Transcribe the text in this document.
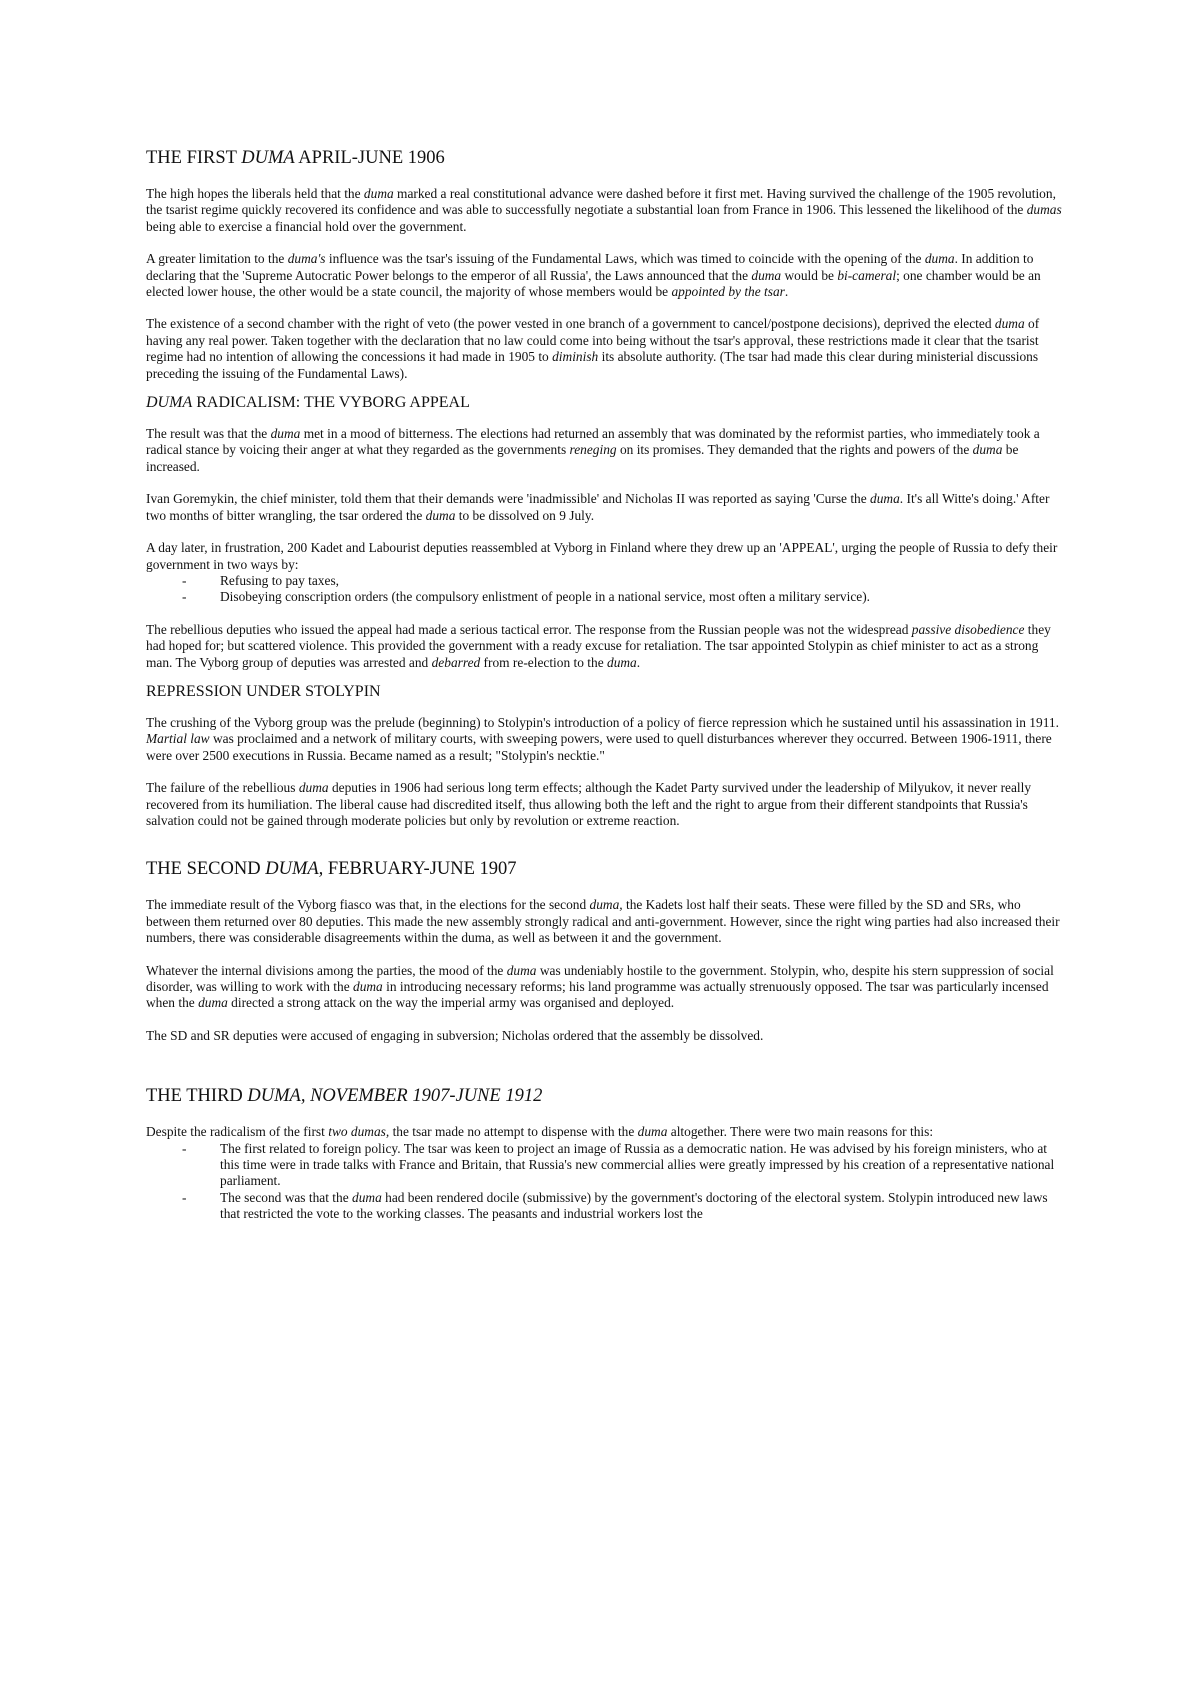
THE FIRST DUMA APRIL-JUNE 1906

The high hopes the liberals held that the duma marked a real constitutional advance were dashed before it first met. Having survived the challenge of the 1905 revolution, the tsarist regime quickly recovered its confidence and was able to successfully negotiate a substantial loan from France in 1906. This lessened the likelihood of the dumas being able to exercise a financial hold over the government.

A greater limitation to the duma's influence was the tsar's issuing of the Fundamental Laws, which was timed to coincide with the opening of the duma. In addition to declaring that the 'Supreme Autocratic Power belongs to the emperor of all Russia', the Laws announced that the duma would be bi-cameral; one chamber would be an elected lower house, the other would be a state council, the majority of whose members would be appointed by the tsar.

The existence of a second chamber with the right of veto (the power vested in one branch of a government to cancel/postpone decisions), deprived the elected duma of having any real power. Taken together with the declaration that no law could come into being without the tsar's approval, these restrictions made it clear that the tsarist regime had no intention of allowing the concessions it had made in 1905 to diminish its absolute authority. (The tsar had made this clear during ministerial discussions preceding the issuing of the Fundamental Laws).

DUMA RADICALISM: THE VYBORG APPEAL

The result was that the duma met in a mood of bitterness. The elections had returned an assembly that was dominated by the reformist parties, who immediately took a radical stance by voicing their anger at what they regarded as the governments reneging on its promises. They demanded that the rights and powers of the duma be increased.

Ivan Goremykin, the chief minister, told them that their demands were 'inadmissible' and Nicholas II was reported as saying 'Curse the duma. It's all Witte's doing.' After two months of bitter wrangling, the tsar ordered the duma to be dissolved on 9 July.

A day later, in frustration, 200 Kadet and Labourist deputies reassembled at Vyborg in Finland where they drew up an 'APPEAL', urging the people of Russia to defy their government in two ways by:

- Refusing to pay taxes,
- Disobeying conscription orders (the compulsory enlistment of people in a national service, most often a military service).

The rebellious deputies who issued the appeal had made a serious tactical error. The response from the Russian people was not the widespread passive disobedience they had hoped for; but scattered violence. This provided the government with a ready excuse for retaliation. The tsar appointed Stolypin as chief minister to act as a strong man. The Vyborg group of deputies was arrested and debarred from re-election to the duma.

REPRESSION UNDER STOLYPIN

The crushing of the Vyborg group was the prelude (beginning) to Stolypin's introduction of a policy of fierce repression which he sustained until his assassination in 1911. Martial law was proclaimed and a network of military courts, with sweeping powers, were used to quell disturbances wherever they occurred. Between 1906-1911, there were over 2500 executions in Russia. Became named as a result; "Stolypin's necktie."

The failure of the rebellious duma deputies in 1906 had serious long term effects; although the Kadet Party survived under the leadership of Milyukov, it never really recovered from its humiliation. The liberal cause had discredited itself, thus allowing both the left and the right to argue from their different standpoints that Russia's salvation could not be gained through moderate policies but only by revolution or extreme reaction.

THE SECOND DUMA, FEBRUARY-JUNE 1907

The immediate result of the Vyborg fiasco was that, in the elections for the second duma, the Kadets lost half their seats. These were filled by the SD and SRs, who between them returned over 80 deputies. This made the new assembly strongly radical and anti-government. However, since the right wing parties had also increased their numbers, there was considerable disagreements within the duma, as well as between it and the government.

Whatever the internal divisions among the parties, the mood of the duma was undeniably hostile to the government. Stolypin, who, despite his stern suppression of social disorder, was willing to work with the duma in introducing necessary reforms; his land programme was actually strenuously opposed. The tsar was particularly incensed when the duma directed a strong attack on the way the imperial army was organised and deployed.

The SD and SR deputies were accused of engaging in subversion; Nicholas ordered that the assembly be dissolved.

THE THIRD DUMA, NOVEMBER 1907-JUNE 1912

Despite the radicalism of the first two dumas, the tsar made no attempt to dispense with the duma altogether. There were two main reasons for this:

- The first related to foreign policy. The tsar was keen to project an image of Russia as a democratic nation. He was advised by his foreign ministers, who at this time were in trade talks with France and Britain, that Russia's new commercial allies were greatly impressed by his creation of a representative national parliament.
- The second was that the duma had been rendered docile (submissive) by the government's doctoring of the electoral system. Stolypin introduced new laws that restricted the vote to the working classes. The peasants and industrial workers lost the
